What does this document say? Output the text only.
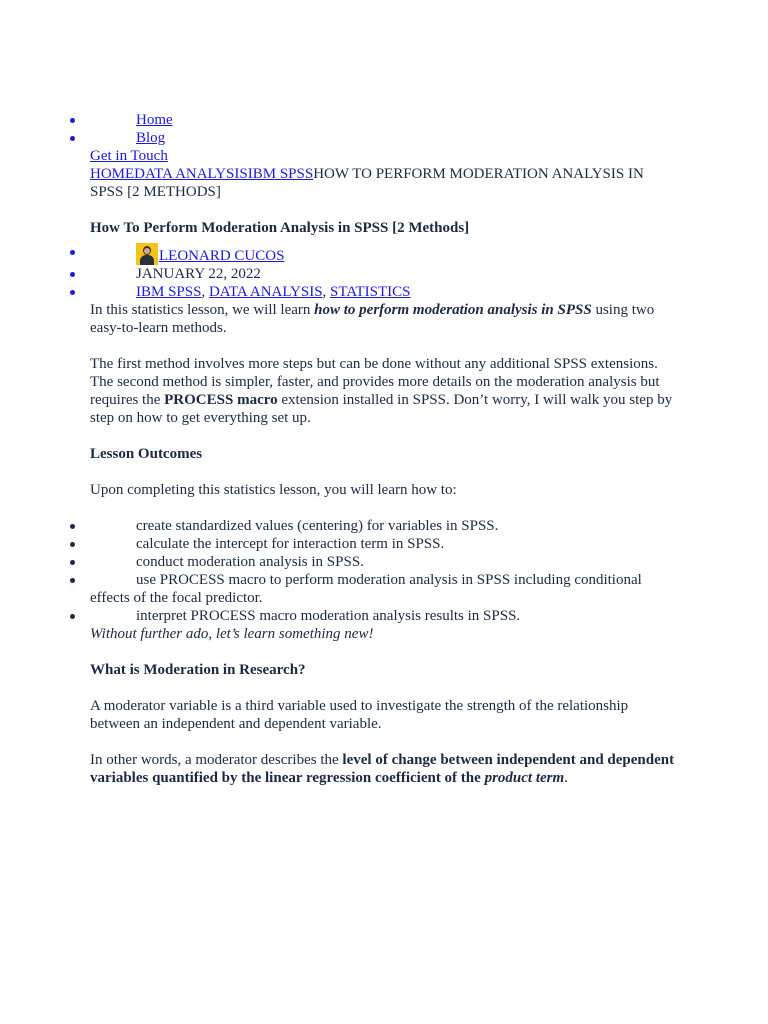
Home
Blog
Get in Touch
HOMEDATA ANALYSISIBM SPSSHOW TO PERFORM MODERATION ANALYSIS IN SPSS [2 METHODS]
How To Perform Moderation Analysis in SPSS [2 Methods]
LEONARD CUCOS
JANUARY 22, 2022
IBM SPSS, DATA ANALYSIS, STATISTICS

In this statistics lesson, we will learn how to perform moderation analysis in SPSS using two easy-to-learn methods.

The first method involves more steps but can be done without any additional SPSS extensions. The second method is simpler, faster, and provides more details on the moderation analysis but requires the PROCESS macro extension installed in SPSS. Don’t worry, I will walk you step by step on how to get everything set up.

Lesson Outcomes

Upon completing this statistics lesson, you will learn how to:

create standardized values (centering) for variables in SPSS.
calculate the intercept for interaction term in SPSS.
conduct moderation analysis in SPSS.
use PROCESS macro to perform moderation analysis in SPSS including conditional effects of the focal predictor.
interpret PROCESS macro moderation analysis results in SPSS.

Without further ado, let’s learn something new!

What is Moderation in Research?

A moderator variable is a third variable used to investigate the strength of the relationship between an independent and dependent variable.

In other words, a moderator describes the level of change between independent and dependent variables quantified by the linear regression coefficient of the product term.
